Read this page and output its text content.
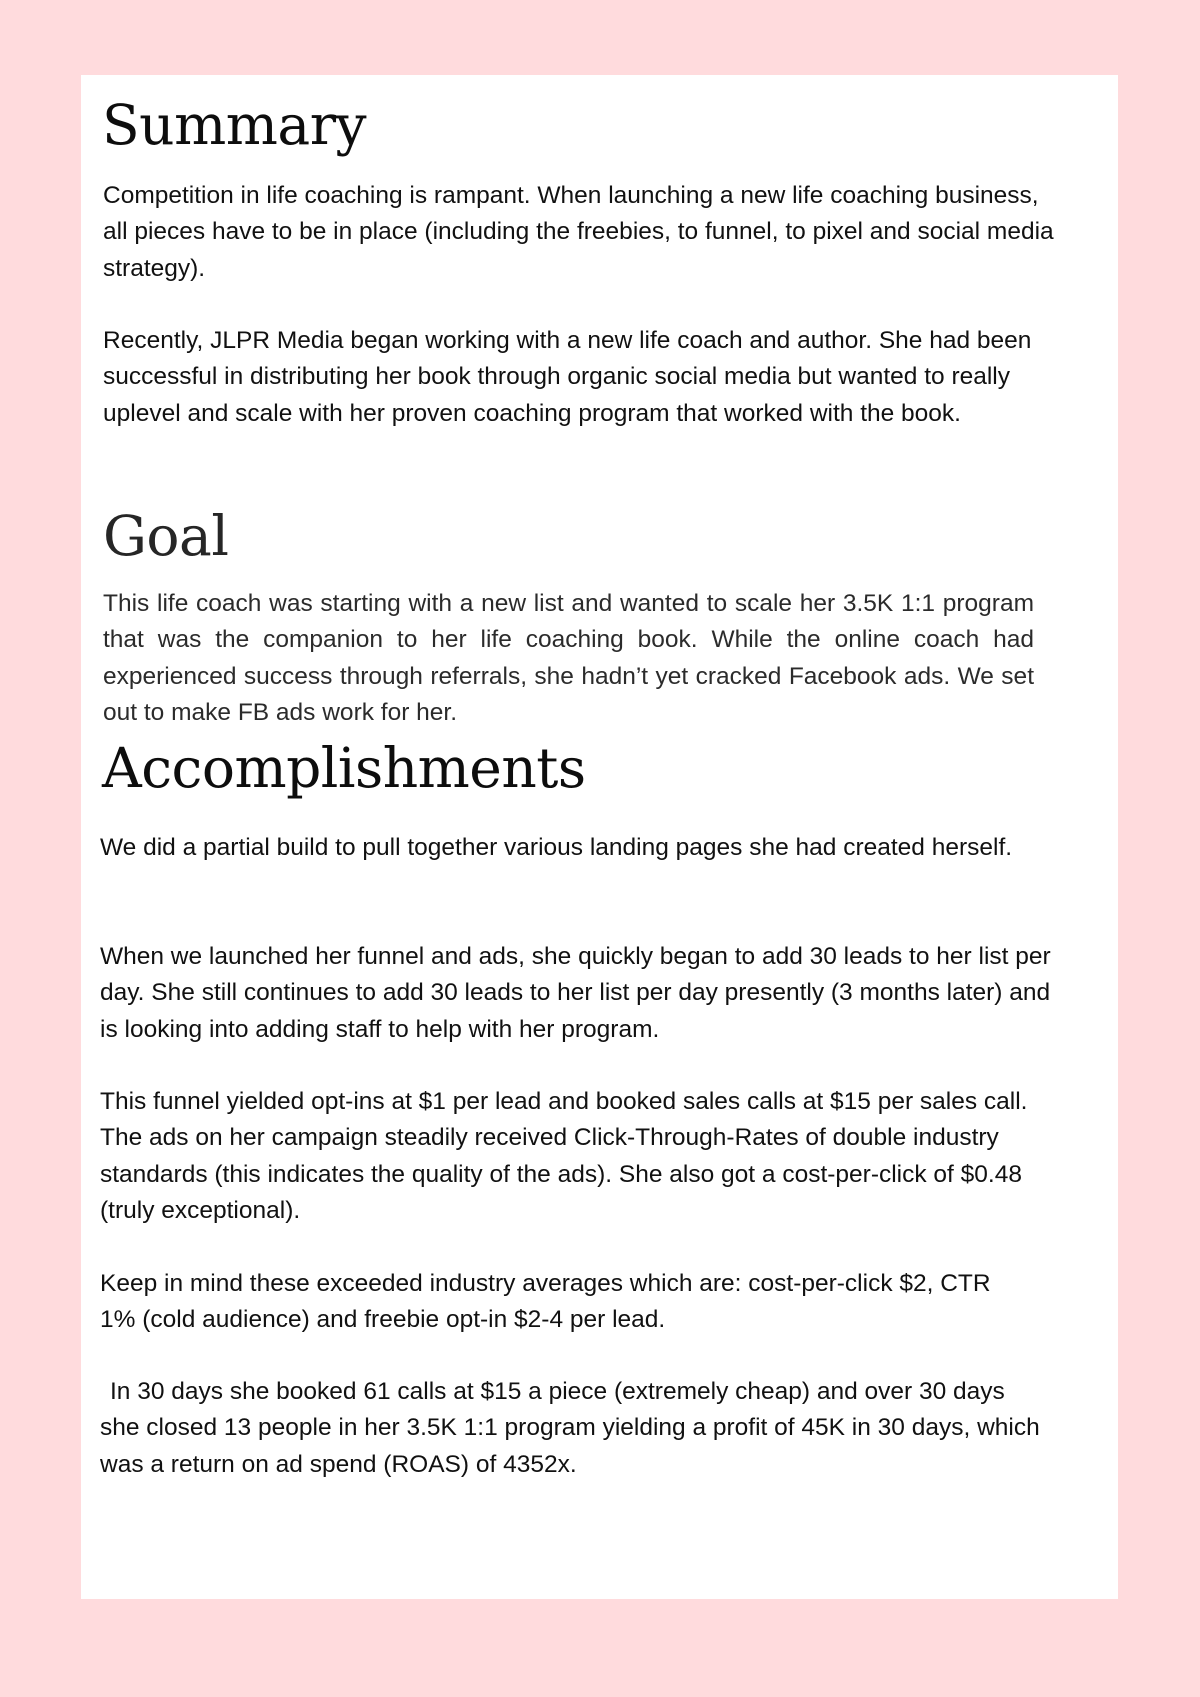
Summary

Competition in life coaching is rampant. When launching a new life coaching business, all pieces have to be in place (including the freebies, to funnel, to pixel and social media strategy).

Recently, JLPR Media began working with a new life coach and author. She had been successful in distributing her book through organic social media but wanted to really uplevel and scale with her proven coaching program that worked with the book.

Goal

This life coach was starting with a new list and wanted to scale her 3.5K 1:1 program that was the companion to her life coaching book. While the online coach had experienced success through referrals, she hadn’t yet cracked Facebook ads. We set out to make FB ads work for her.

Accomplishments

We did a partial build to pull together various landing pages she had created herself.

When we launched her funnel and ads, she quickly began to add 30 leads to her list per day. She still continues to add 30 leads to her list per day presently (3 months later) and is looking into adding staff to help with her program.

This funnel yielded opt-ins at $1 per lead and booked sales calls at $15 per sales call. The ads on her campaign steadily received Click-Through-Rates of double industry standards (this indicates the quality of the ads). She also got a cost-per-click of $0.48 (truly exceptional).

Keep in mind these exceeded industry averages which are: cost-per-click $2, CTR 1% (cold audience) and freebie opt-in $2-4 per lead.

In 30 days she booked 61 calls at $15 a piece (extremely cheap) and over 30 days she closed 13 people in her 3.5K 1:1 program yielding a profit of 45K in 30 days, which was a return on ad spend (ROAS) of 4352x.
